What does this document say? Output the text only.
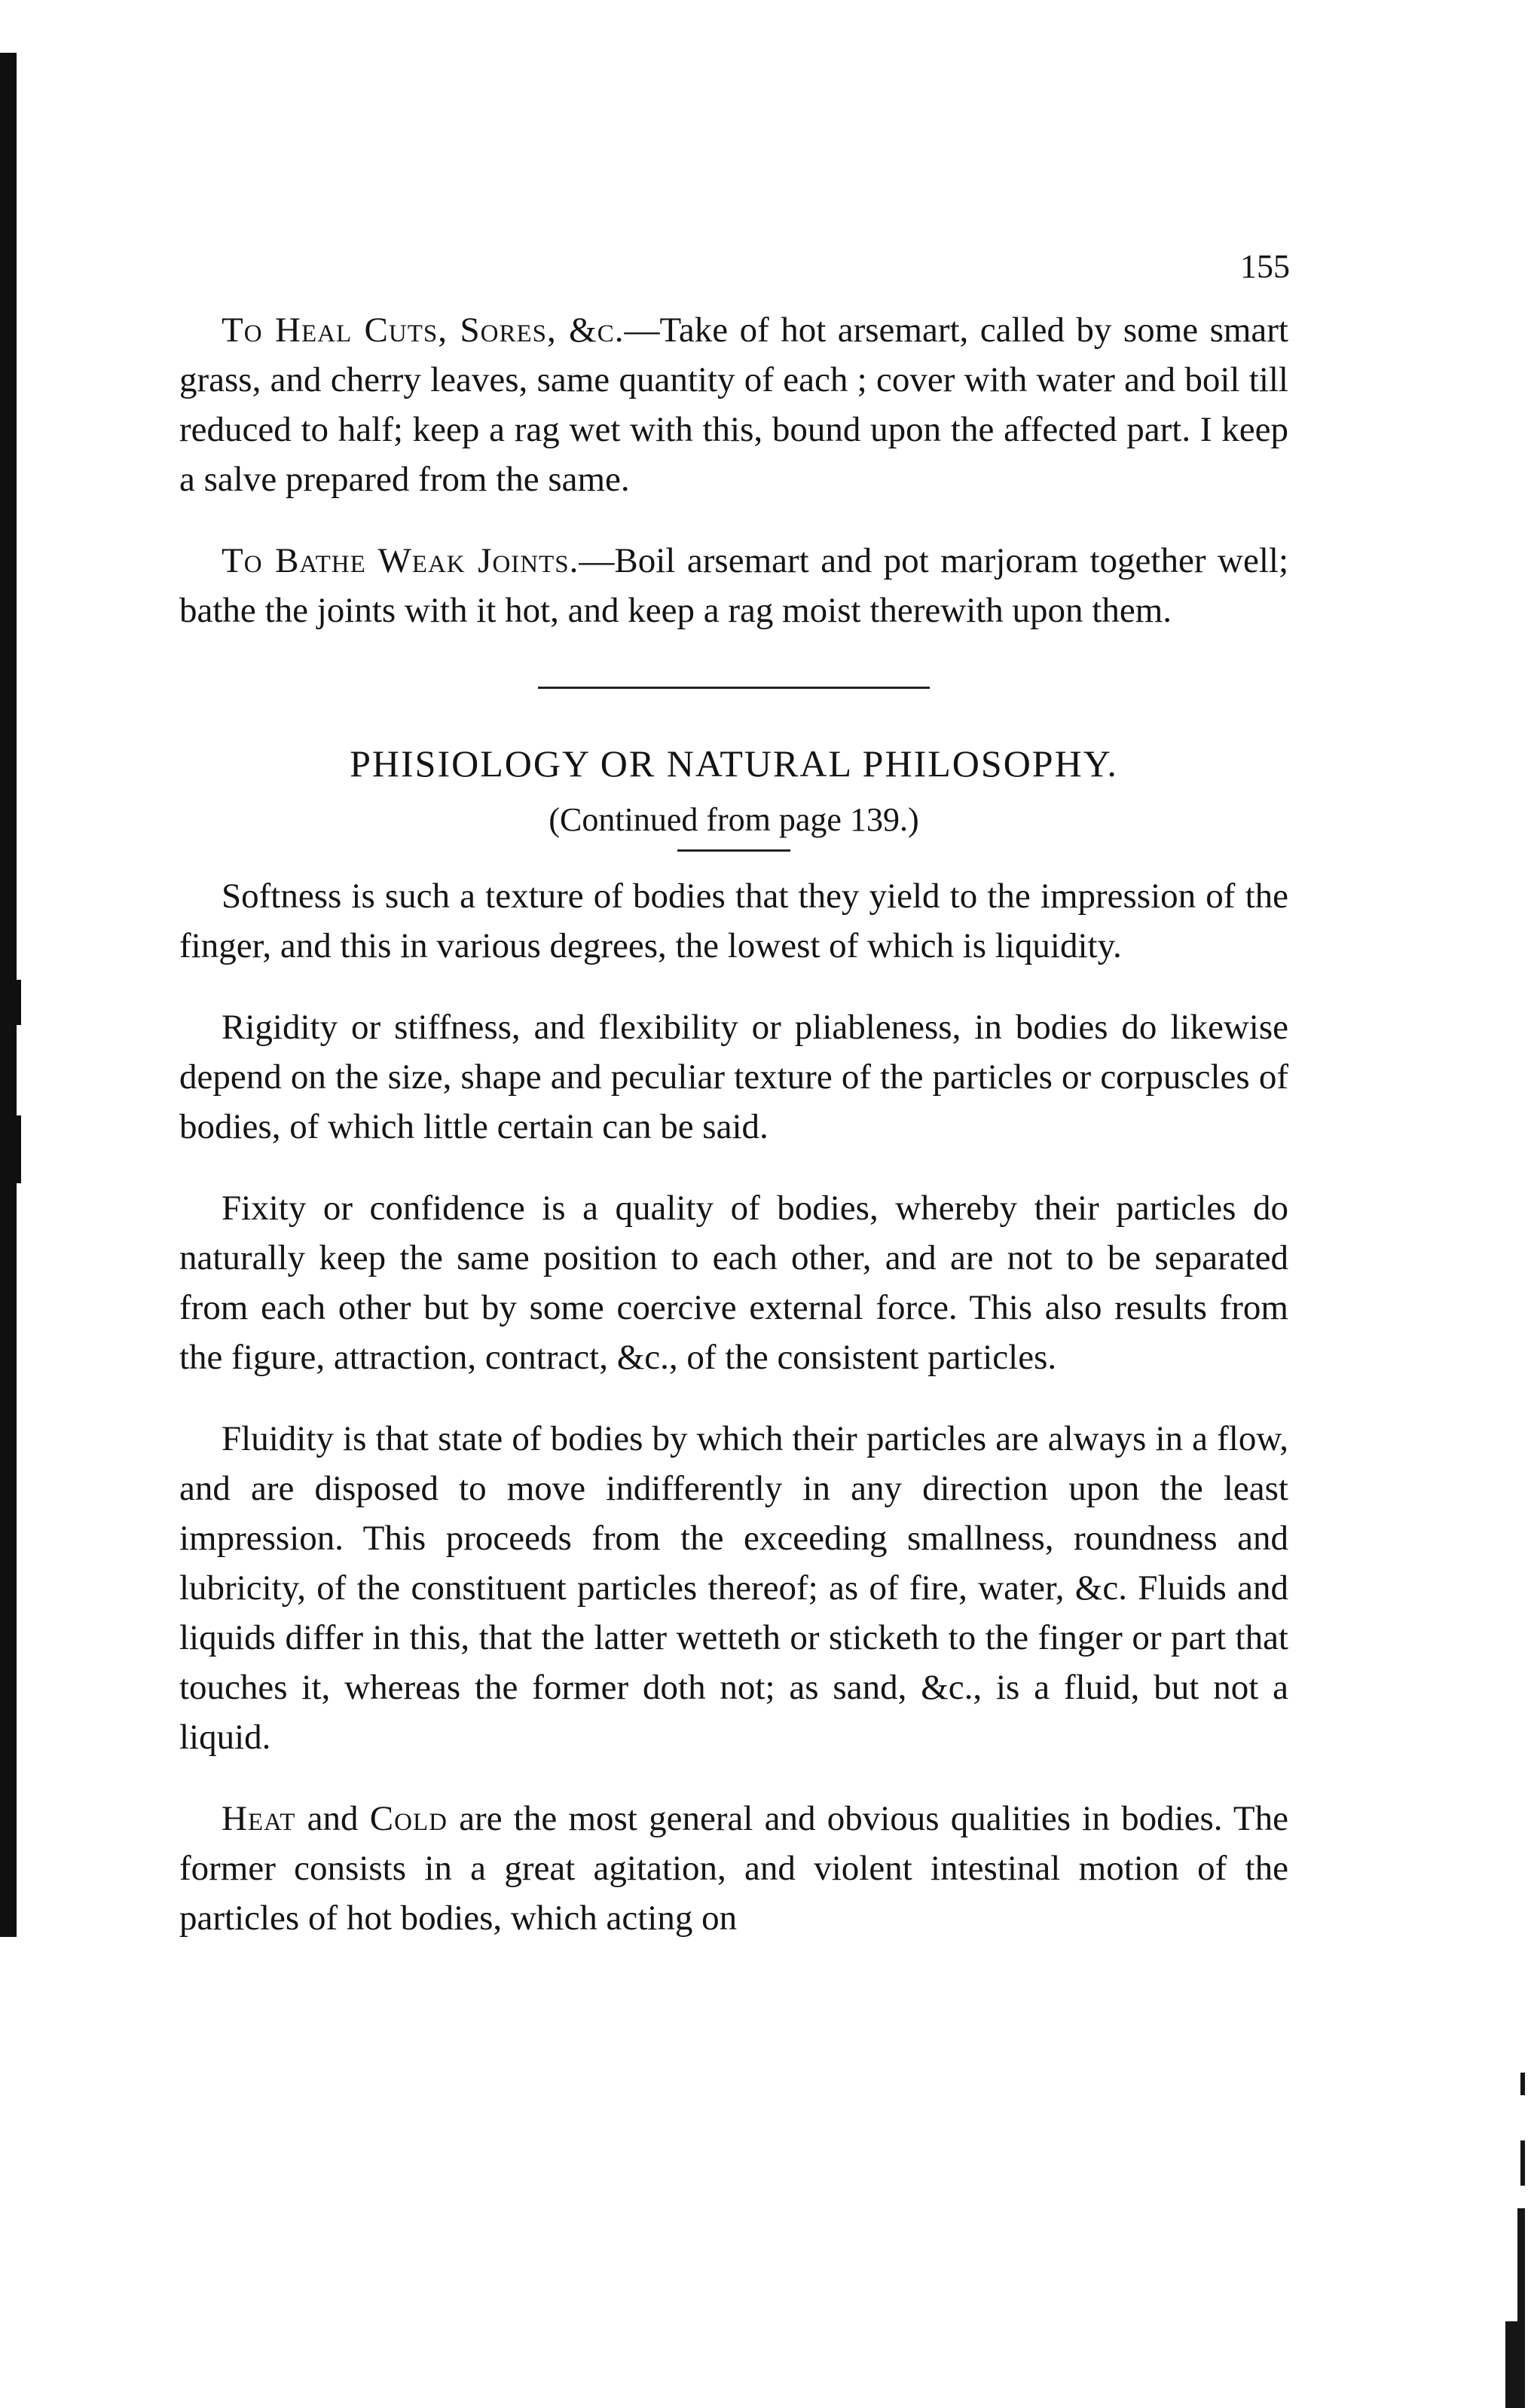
155

To Heal Cuts, Sores, &c.—Take of hot arsemart, called by some smart grass, and cherry leaves, same quantity of each ; cover with water and boil till reduced to half; keep a rag wet with this, bound upon the affected part. I keep a salve prepared from the same.

To Bathe Weak Joints.—Boil arsemart and pot marjoram together well; bathe the joints with it hot, and keep a rag moist therewith upon them.

PHISIOLOGY OR NATURAL PHILOSOPHY.
(Continued from page 139.)

Softness is such a texture of bodies that they yield to the impression of the finger, and this in various degrees, the lowest of which is liquidity.

Rigidity or stiffness, and flexibility or pliableness, in bodies do likewise depend on the size, shape and peculiar texture of the particles or corpuscles of bodies, of which little certain can be said.

Fixity or confidence is a quality of bodies, whereby their particles do naturally keep the same position to each other, and are not to be separated from each other but by some coercive external force. This also results from the figure, attraction, contract, &c., of the consistent particles.

Fluidity is that state of bodies by which their particles are always in a flow, and are disposed to move indifferently in any direction upon the least impression. This proceeds from the exceeding smallness, roundness and lubricity, of the constituent particles thereof; as of fire, water, &c. Fluids and liquids differ in this, that the latter wetteth or sticketh to the finger or part that touches it, whereas the former doth not; as sand, &c., is a fluid, but not a liquid.

Heat and Cold are the most general and obvious qualities in bodies. The former consists in a great agitation, and violent intestinal motion of the particles of hot bodies, which acting on
